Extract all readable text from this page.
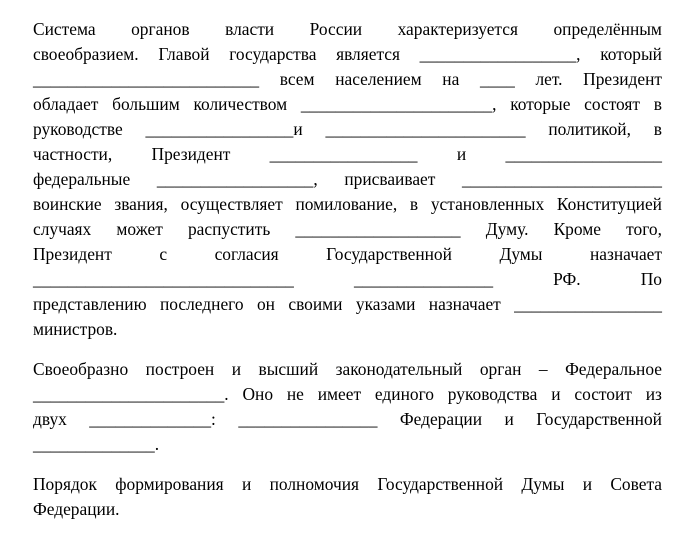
Система органов власти России характеризуется определённым
своеобразием. Главой государства является __________________, который
__________________________ всем населением на ____ лет. Президент
обладает большим количеством ______________________, которые состоят в
руководстве _________________и _______________________ политикой, в
частности, Президент _________________ и __________________
федеральные __________________, присваивает _______________________
воинские звания, осуществляет помилование, в установленных Конституцией
случаях может распустить ___________________ Думу. Кроме того,
Президент	с	согласия	Государственной	Думы	назначает
______________________________	________________	РФ.	По
представлению последнего он своими указами назначает _________________
министров.
Своеобразно построен и высший законодательный орган – Федеральное
______________________. Оно не имеет единого руководства и состоит из
двух ______________: ________________ Федерации и Государственной
______________.
Порядок формирования и полномочия Государственной Думы и Совета
Федерации.
